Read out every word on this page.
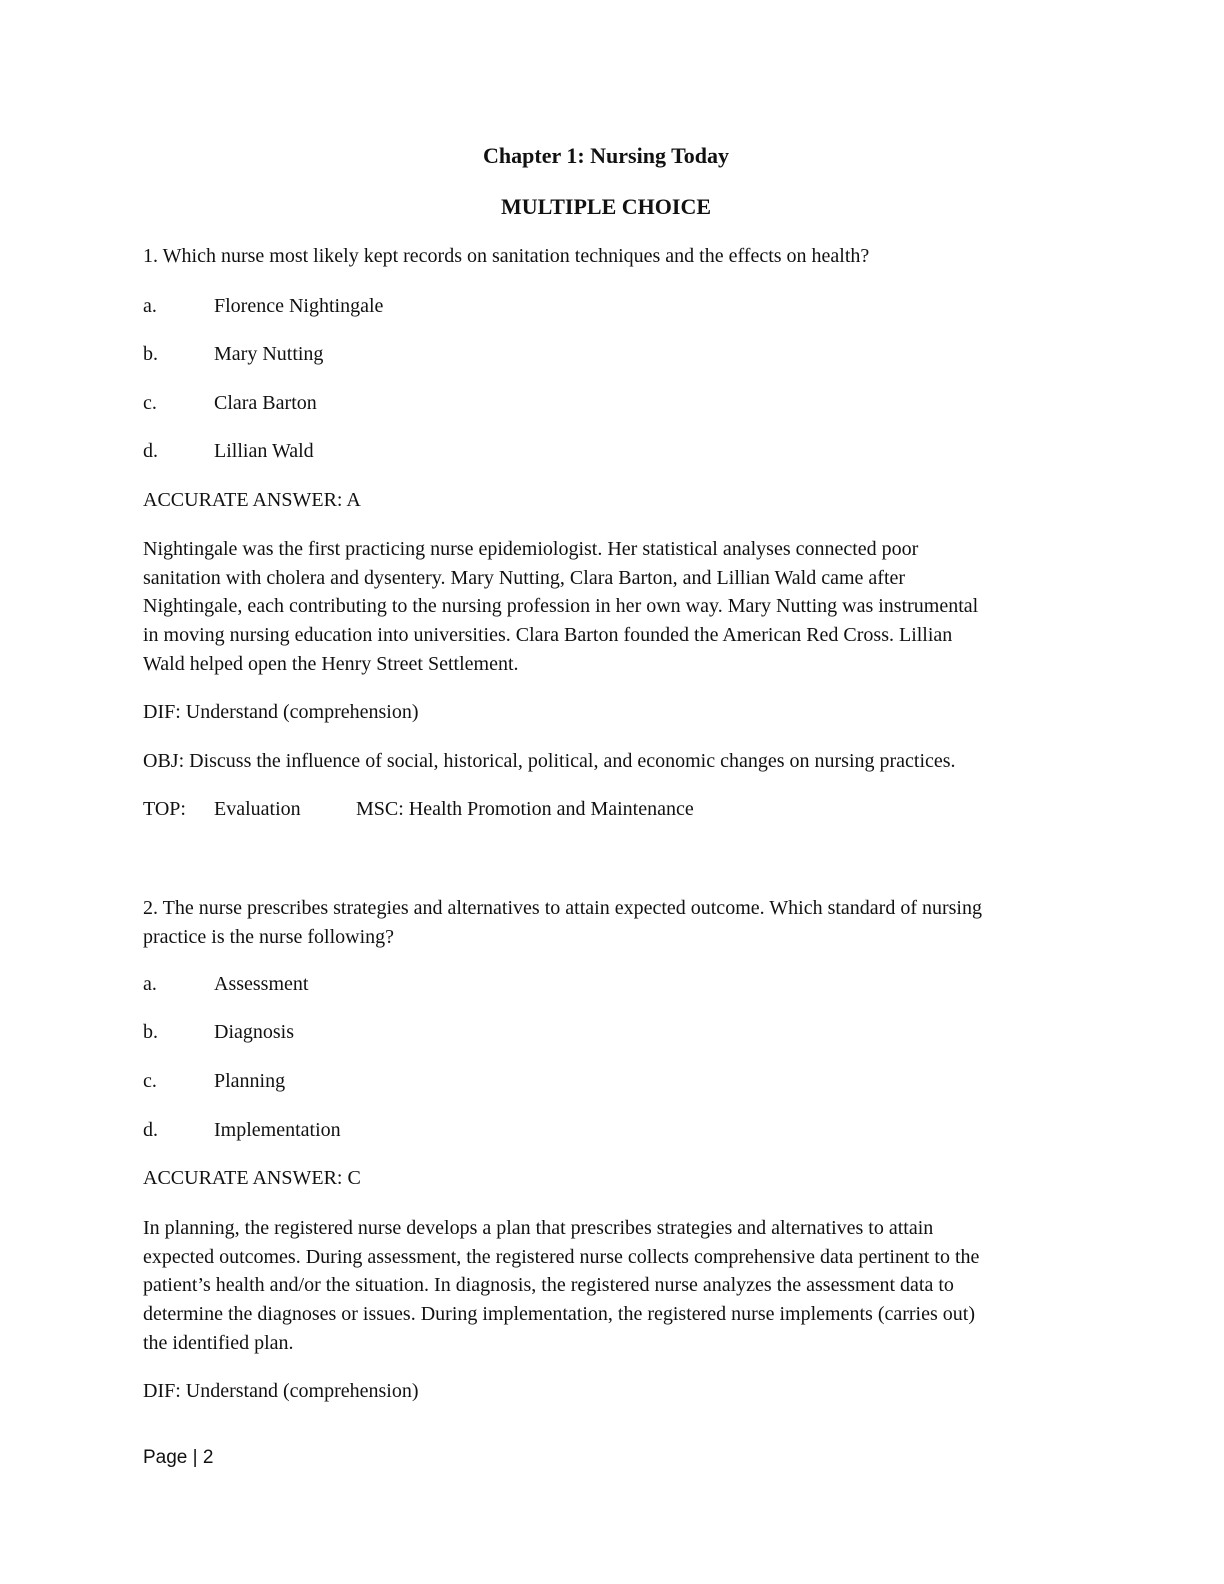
Chapter 1: Nursing Today
MULTIPLE CHOICE
1. Which nurse most likely kept records on sanitation techniques and the effects on health?
a.	Florence Nightingale
b.	Mary Nutting
c.	Clara Barton
d.	Lillian Wald
ACCURATE ANSWER: A
Nightingale was the first practicing nurse epidemiologist. Her statistical analyses connected poor
sanitation with cholera and dysentery. Mary Nutting, Clara Barton, and Lillian Wald came after
Nightingale, each contributing to the nursing profession in her own way. Mary Nutting was instrumental
in moving nursing education into universities. Clara Barton founded the American Red Cross. Lillian
Wald helped open the Henry Street Settlement.
DIF: Understand (comprehension)
OBJ: Discuss the influence of social, historical, political, and economic changes on nursing practices.
TOP: Evaluation	MSC: Health Promotion and Maintenance
2. The nurse prescribes strategies and alternatives to attain expected outcome. Which standard of nursing
practice is the nurse following?
a.	Assessment
b.	Diagnosis
c.	Planning
d.	Implementation
ACCURATE ANSWER: C
In planning, the registered nurse develops a plan that prescribes strategies and alternatives to attain
expected outcomes. During assessment, the registered nurse collects comprehensive data pertinent to the
patient’s health and/or the situation. In diagnosis, the registered nurse analyzes the assessment data to
determine the diagnoses or issues. During implementation, the registered nurse implements (carries out)
the identified plan.
DIF: Understand (comprehension)
Page | 2
